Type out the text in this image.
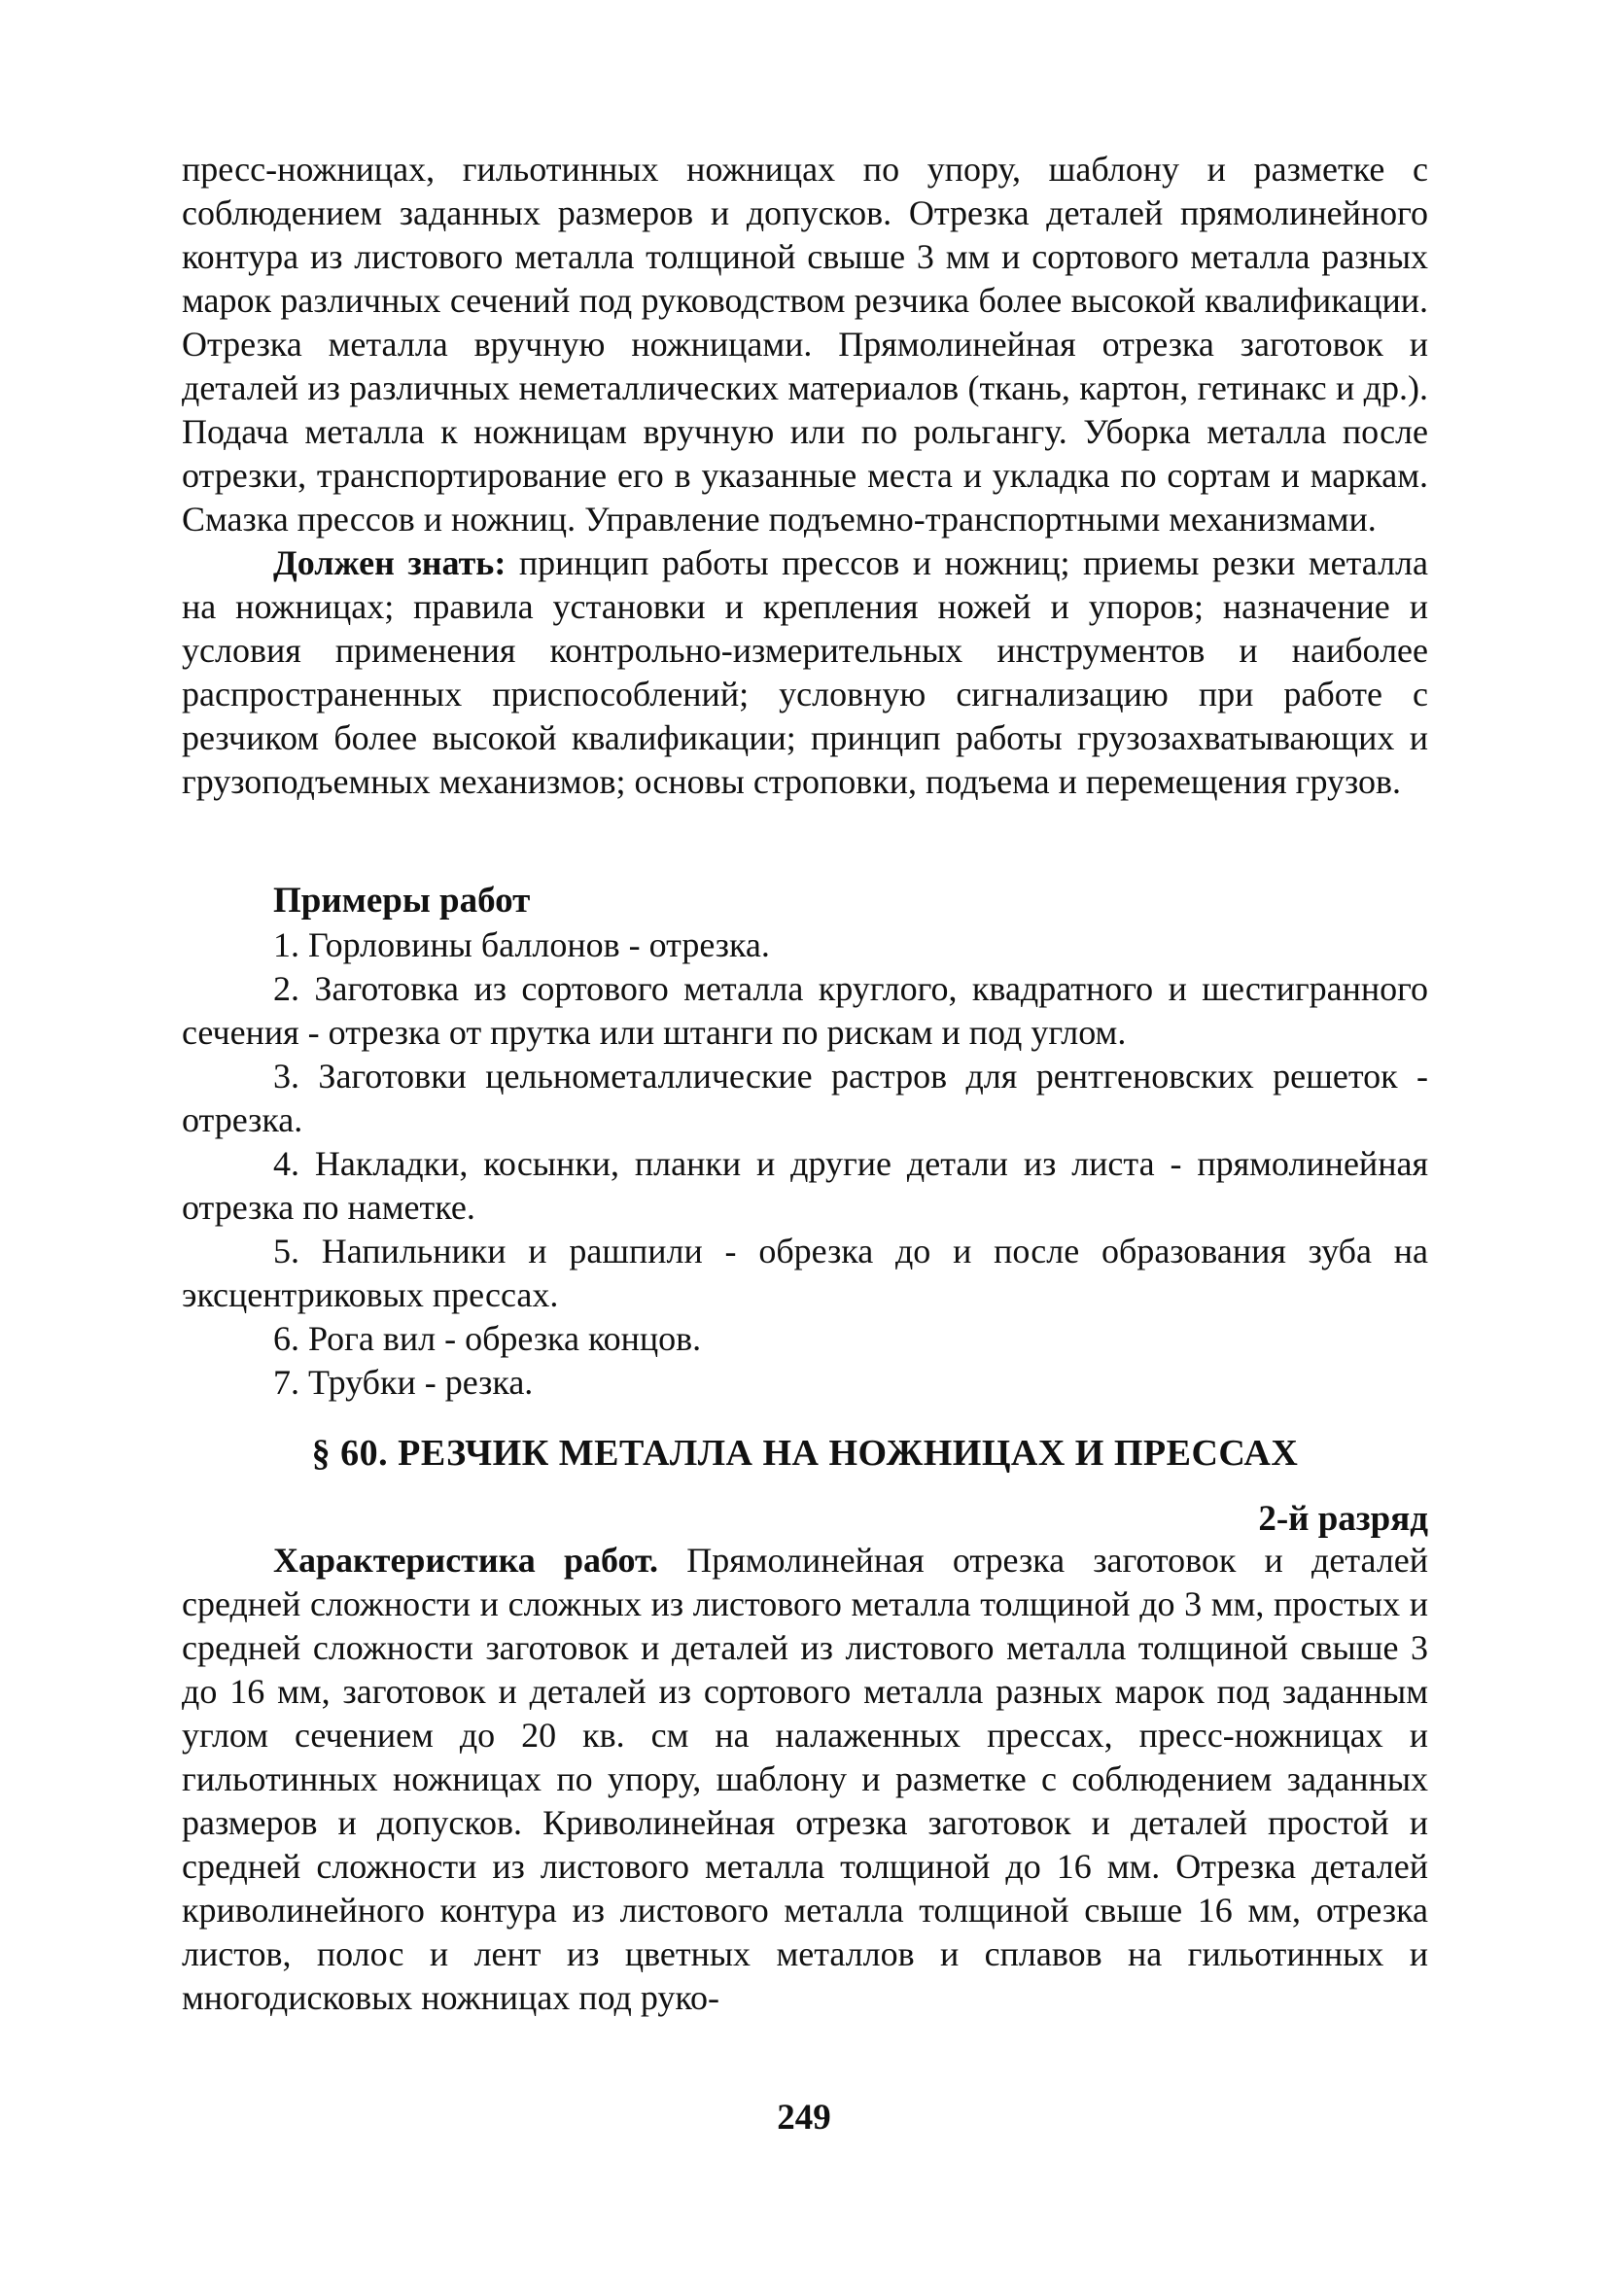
пресс-ножницах, гильотинных ножницах по упору, шаблону и разметке с соблюдением заданных размеров и допусков. Отрезка деталей прямолинейного контура из листового металла толщиной свыше 3 мм и сортового металла разных марок различных сечений под руководством резчика более высокой квалификации. Отрезка металла вручную ножницами. Прямолинейная отрезка заготовок и деталей из различных неметаллических материалов (ткань, картон, гетинакс и др.). Подача металла к ножницам вручную или по рольгангу. Уборка металла после отрезки, транспортирование его в указанные места и укладка по сортам и маркам. Смазка прессов и ножниц. Управление подъемно-транспортными механизмами.

Должен знать: принцип работы прессов и ножниц; приемы резки металла на ножницах; правила установки и крепления ножей и упоров; назначение и условия применения контрольно-измерительных инструментов и наиболее распространенных приспособлений; условную сигнализацию при работе с резчиком более высокой квалификации; принцип работы грузозахватывающих и грузоподъемных механизмов; основы строповки, подъема и перемещения грузов.

Примеры работ

1. Горловины баллонов - отрезка.
2. Заготовка из сортового металла круглого, квадратного и шестигранного сечения - отрезка от прутка или штанги по рискам и под углом.
3. Заготовки цельнометаллические растров для рентгеновских решеток - отрезка.
4. Накладки, косынки, планки и другие детали из листа - прямолинейная отрезка по наметке.
5. Напильники и рашпили - обрезка до и после образования зуба на эксцентриковых прессах.
6. Рога вил - обрезка концов.
7. Трубки - резка.
§ 60. РЕЗЧИК МЕТАЛЛА НА НОЖНИЦАХ И ПРЕССАХ

2-й разряд

Характеристика работ. Прямолинейная отрезка заготовок и деталей средней сложности и сложных из листового металла толщиной до 3 мм, простых и средней сложности заготовок и деталей из листового металла толщиной свыше 3 до 16 мм, заготовок и деталей из сортового металла разных марок под заданным углом сечением до 20 кв. см на налаженных прессах, пресс-ножницах и гильотинных ножницах по упору, шаблону и разметке с соблюдением заданных размеров и допусков. Криволинейная отрезка заготовок и деталей простой и средней сложности из листового металла толщиной до 16 мм. Отрезка деталей криволинейного контура из листового металла толщиной свыше 16 мм, отрезка листов, полос и лент из цветных металлов и сплавов на гильотинных и многодисковых ножницах под руко-

249
